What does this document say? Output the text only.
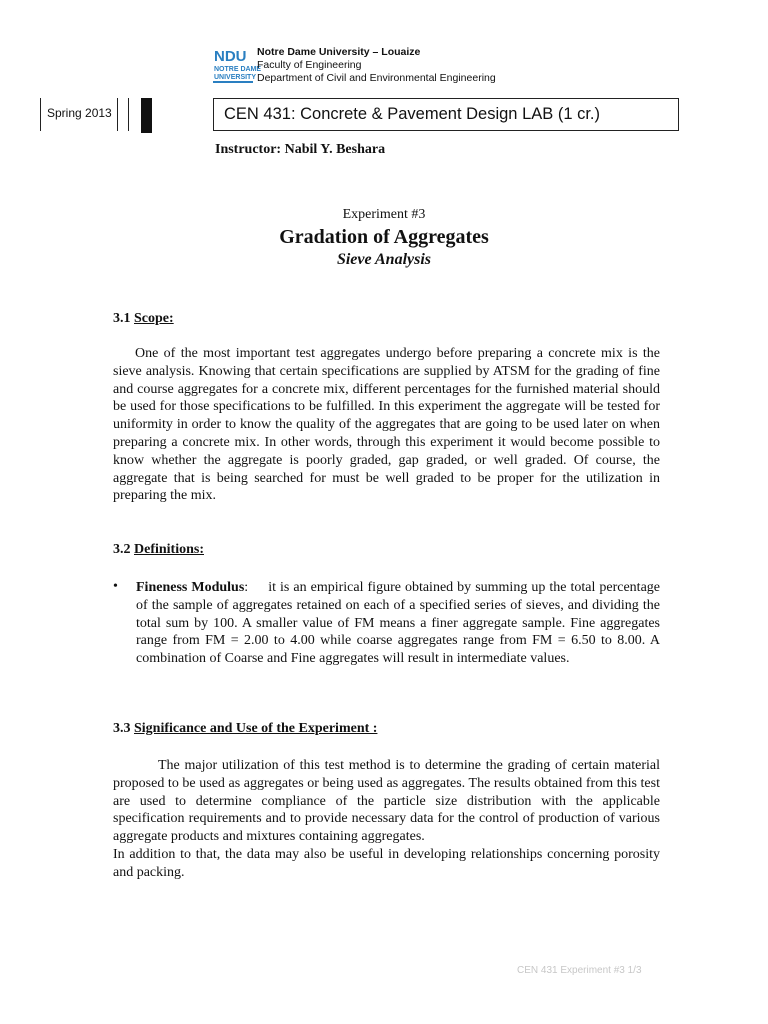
NDU
NOTRE DAME
UNIVERSITY
Notre Dame University – Louaize
Faculty of Engineering
Department of Civil and Environmental Engineering
Spring 2013	CEN 431: Concrete & Pavement Design LAB (1 cr.)
Instructor: Nabil Y. Beshara
Experiment #3
Gradation of Aggregates
Sieve Analysis
3.1 Scope:
One of the most important test aggregates undergo before preparing a concrete mix is the sieve analysis. Knowing that certain specifications are supplied by ATSM for the grading of fine and course aggregates for a concrete mix, different percentages for the furnished material should be used for those specifications to be fulfilled. In this experiment the aggregate will be tested for uniformity in order to know the quality of the aggregates that are going to be used later on when preparing a concrete mix. In other words, through this experiment it would become possible to know whether the aggregate is poorly graded, gap graded, or well graded. Of course, the aggregate that is being searched for must be well graded to be proper for the utilization in preparing the mix.
3.2 Definitions:
• Fineness Modulus: it is an empirical figure obtained by summing up the total percentage of the sample of aggregates retained on each of a specified series of sieves, and dividing the total sum by 100. A smaller value of FM means a finer aggregate sample. Fine aggregates range from FM = 2.00 to 4.00 while coarse aggregates range from FM = 6.50 to 8.00. A combination of Coarse and Fine aggregates will result in intermediate values.
3.3 Significance and Use of the Experiment :
The major utilization of this test method is to determine the grading of certain material proposed to be used as aggregates or being used as aggregates. The results obtained from this test are used to determine compliance of the particle size distribution with the applicable specification requirements and to provide necessary data for the control of production of various aggregate products and mixtures containing aggregates.
In addition to that, the data may also be useful in developing relationships concerning porosity and packing.
CEN 431 Experiment #3 1/3
